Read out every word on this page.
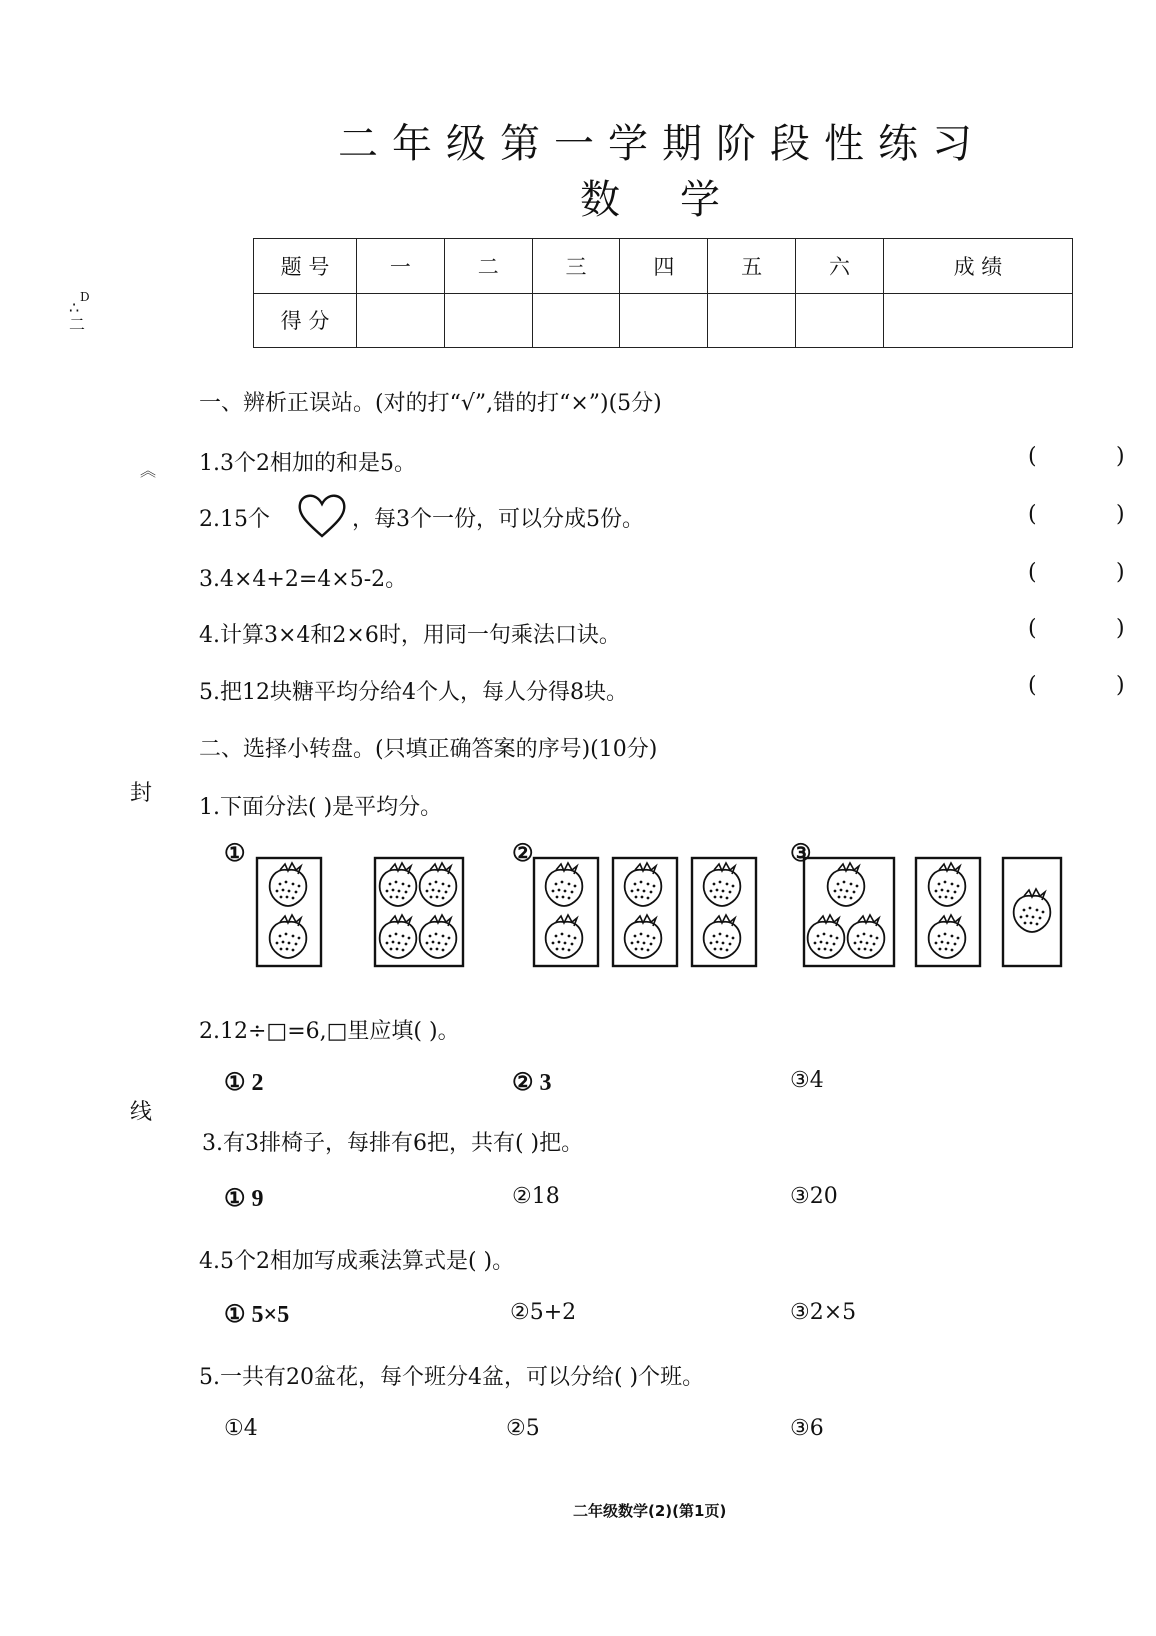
二年级第一学期阶段性练习
数学
题 号	一	二	三	四	五	六	成 绩
得 分							
D
∴
二
︽
封
线
一、辨析正误站。(对的打“√”,错的打“×”)(5分)
1.3个2相加的和是5。	(	)
2.15个	，每3个一份，可以分成5份。	(	)
3.4×4+2=4×5-2。	(	)
4.计算3×4和2×6时，用同一句乘法口诀。	(	)
5.把12块糖平均分给4个人，每人分得8块。	(	)
二、选择小转盘。(只填正确答案的序号)(10分)
1.下面分法( )是平均分。
①	②	③
2.12÷□=6,□里应填( )。
① 2	② 3	③4
3.有3排椅子，每排有6把，共有( )把。
① 9	②18	③20
4.5个2相加写成乘法算式是( )。
① 5×5	②5+2	③2×5
5.一共有20盆花，每个班分4盆，可以分给( )个班。
①4	②5	③6
二年级数学(2)(第1页)
